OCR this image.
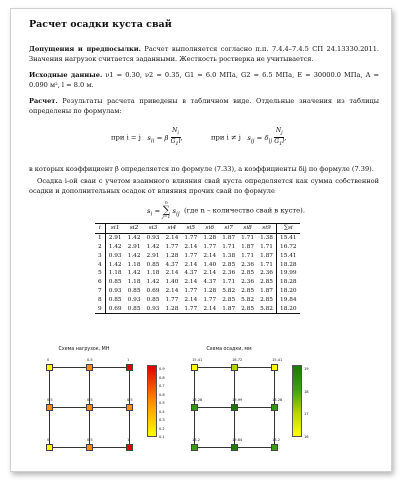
Расчет осадки куста свай
Допущения и предпосылки. Расчет выполняется согласно п.п. 7.4.4–7.4.5 СП 24.13330.2011. Значения нагрузок считается заданными. Жесткость ростверка не учитывается.
Исходные данные. ν1 = 0.30, ν2 = 0.35, G1 = 6.0 МПа, G2 = 6.5 МПа, E = 30000.0 МПа, A = 0.090 м², l = 8.0 м.
Расчет. Результаты расчета приведены в табличном виде. Отдельные значения из таблицы определены по формулам:
при i = j $s_{ii} = \beta \frac{N_i}{G_1l}$ ,	при i ≠ j $s_{ij} = \delta_{ij} \frac{N_j}{G_1l}$ ,
в которых коэффициент β определяется по формуле (7.33), а коэффициенты δij по формуле (7.39).
Осадка i-ой сваи с учетом взаимного влияния свай куста определяется как сумма собственной осадки и дополнительных осадок от влияния прочих свай по формуле
$s_i = n$
∑
j=1 $s_{ij}$ (где n – количество свай в кусте).
i	si1	si2	si3	si4	si5	si6	si7	si8	si9	∑si
1	2.91	1.42	0.93	2.14	1.77	1.28	1.87	1.71	1.38	15.41
2	1.42	2.91	1.42	1.77	2.14	1.77	1.71	1.87	1.71	16.72
3	0.93	1.42	2.91	1.28	1.77	2.14	1.38	1.71	1.87	15.41
4	1.42	1.18	0.85	4.37	2.14	1.40	2.85	2.36	1.71	18.28
5	1.18	1.42	1.18	2.14	4.37	2.14	2.36	2.85	2.36	19.99
6	0.85	1.18	1.42	1.40	2.14	4.37	1.71	2.36	2.85	18.28
7	0.93	0.85	0.69	2.14	1.77	1.28	5.82	2.85	1.87	18.20
8	0.85	0.93	0.85	1.77	2.14	1.77	2.85	5.82	2.85	19.84
9	0.69	0.85	0.93	1.28	1.77	2.14	1.87	2.85	5.82	18.20
Схема нагрузок, МН
0	0.5	1
0.5	0.5	0.5
0	0.5	1
0.9
0.8
0.7
0.6
0.5
0.4
0.3
0.2
0.1
Схема осадки, мм
15.41	16.72	15.41
18.28	19.99	18.28
18.2	19.84	18.2
19
18
17
16
